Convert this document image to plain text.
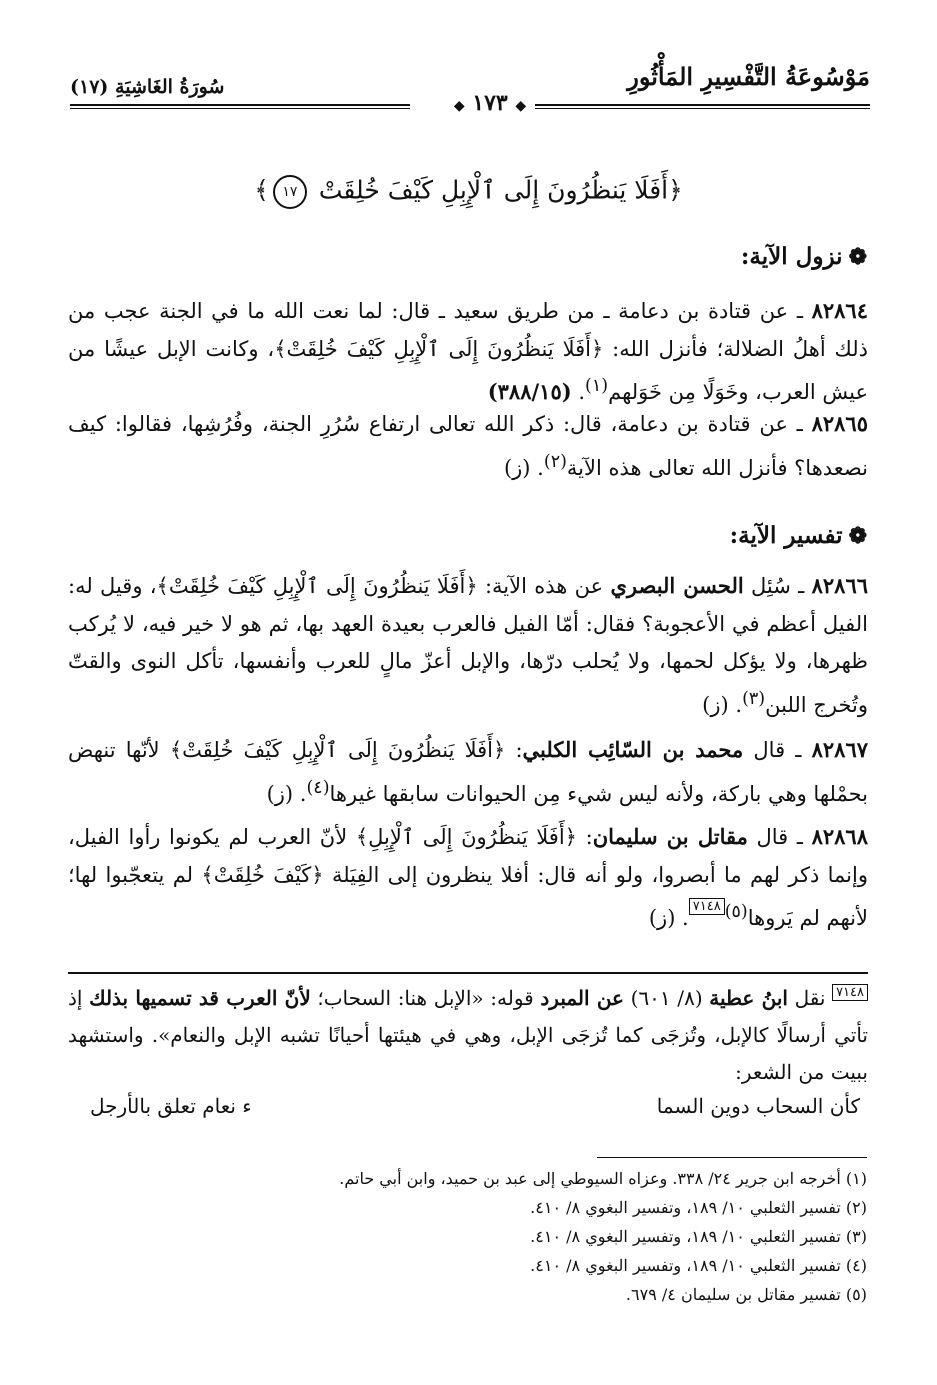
مَوْسُوعَةُ التَّفْسِيرِ المَأْثُورِ
سُورَةُ الغَاشِيَةِ (١٧)
◆ ١٧٣ ◆
﴿أَفَلَا يَنظُرُونَ إِلَى ٱلْإِبِلِ كَيْفَ خُلِقَتْ ١٧﴾
❁نزول الآية:
٨٢٨٦٤ ـ عن قتادة بن دعامة ـ من طريق سعيد ـ قال: لما نعت الله ما في الجنة عجب من ذلك أهلُ الضلالة؛ فأنزل الله: ﴿أَفَلَا يَنظُرُونَ إِلَى ٱلْإِبِلِ كَيْفَ خُلِقَتْ﴾، وكانت الإبل عيشًا من عيش العرب، وخَوَلًا مِن خَوَلهم$^{(١)}$. (٣٨٨/١٥)
٨٢٨٦٥ ـ عن قتادة بن دعامة، قال: ذكر الله تعالى ارتفاع سُرُرِ الجنة، وفُرُشِها، فقالوا: كيف نصعدها؟ فأنزل الله تعالى هذه الآية$^{(٢)}$. (ز)
❁تفسير الآية:
٨٢٨٦٦ ـ سُئِل الحسن البصري عن هذه الآية: ﴿أَفَلَا يَنظُرُونَ إِلَى ٱلْإِبِلِ كَيْفَ خُلِقَتْ﴾، وقيل له: الفيل أعظم في الأعجوبة؟ فقال: أمّا الفيل فالعرب بعيدة العهد بها، ثم هو لا خير فيه، لا يُركب ظهرها، ولا يؤكل لحمها، ولا يُحلب درّها، والإبل أعزّ مالٍ للعرب وأنفسها، تأكل النوى والقتّ وتُخرج اللبن$^{(٣)}$. (ز)
٨٢٨٦٧ ـ قال محمد بن السّائِب الكلبي: ﴿أَفَلَا يَنظُرُونَ إِلَى ٱلْإِبِلِ كَيْفَ خُلِقَتْ﴾ لأنّها تنهض بحمْلها وهي باركة، ولأنه ليس شيء مِن الحيوانات سابقها غيرها$^{(٤)}$. (ز)
٨٢٨٦٨ ـ قال مقاتل بن سليمان: ﴿أَفَلَا يَنظُرُونَ إِلَى ٱلْإِبِلِ﴾ لأنّ العرب لم يكونوا رأوا الفيل، وإنما ذكر لهم ما أبصروا، ولو أنه قال: أفلا ينظرون إلى الفِيَلة ﴿كَيْفَ خُلِقَتْ﴾ لم يتعجّبوا لها؛ لأنهم لم يَروها$^{(٥)}$٧١٤٨. (ز)
٧١٤٨ نقل ابنُ عطية (٨/ ٦٠١) عن المبرد قوله: «الإبل هنا: السحاب؛ لأنّ العرب قد تسميها بذلك إذ تأتي أرسالًا كالإبل، وتُزجَى كما تُزجَى الإبل، وهي في هيئتها أحيانًا تشبه الإبل والنعام». واستشهد ببيت من الشعر:
كأن السحاب دوين السما
ء نعام تعلق بالأرجل
(١) أخرجه ابن جرير ٢٤/ ٣٣٨. وعزاه السيوطي إلى عبد بن حميد، وابن أبي حاتم.
(٢) تفسير الثعلبي ١٠/ ١٨٩، وتفسير البغوي ٨/ ٤١٠.
(٣) تفسير الثعلبي ١٠/ ١٨٩، وتفسير البغوي ٨/ ٤١٠.
(٤) تفسير الثعلبي ١٠/ ١٨٩، وتفسير البغوي ٨/ ٤١٠.
(٥) تفسير مقاتل بن سليمان ٤/ ٦٧٩.
